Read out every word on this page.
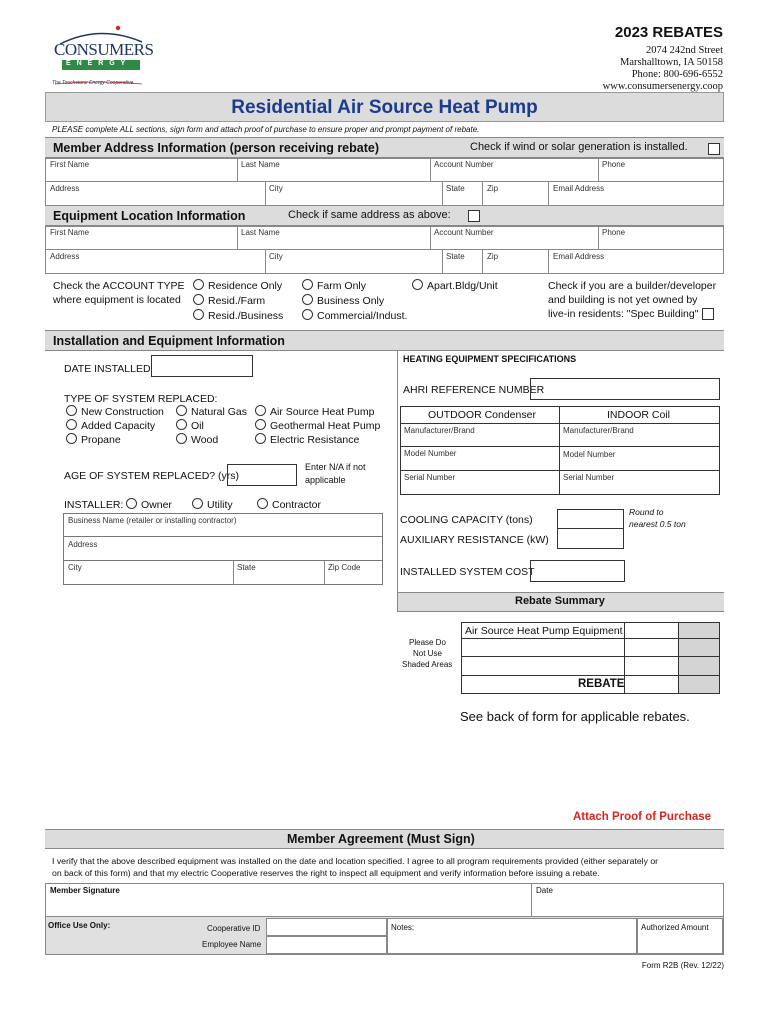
CONSUMERS
E N E R G Y
The Touchstone Energy Cooperative
2023 REBATES
2074 242nd Street
Marshalltown, IA 50158
Phone: 800-696-6552
www.consumersenergy.coop
Residential Air Source Heat Pump
PLEASE complete ALL sections, sign form and attach proof of purchase to ensure proper and prompt payment of rebate.
Member Address Information (person receiving rebate)	Check if wind or solar generation is installed.
First Name	Last Name	Account Number	Phone
Address	City	State	Zip	Email Address
Equipment Location Information	Check if same address as above:
First Name	Last Name	Account Number	Phone
Address	City	State	Zip	Email Address
Check the ACCOUNT TYPE
where equipment is located
Residence Only
Resid./Farm
Resid./Business
Farm Only
Business Only
Commercial/Indust.
Apart.Bldg/Unit	Check if you are a builder/developer
and building is not yet owned by
live-in residents: "Spec Building"
Installation and Equipment Information
DATE INSTALLED
TYPE OF SYSTEM REPLACED:
New Construction
Added Capacity
Propane
Natural Gas
Oil
Wood
Air Source Heat Pump
Geothermal Heat Pump
Electric Resistance
AGE OF SYSTEM REPLACED? (yrs)
Enter N/A if not
applicable
INSTALLER:	Owner	Utility	Contractor
Business Name (retailer or installing contractor)
Address
City	State	Zip Code
HEATING EQUIPMENT SPECIFICATIONS
AHRI REFERENCE NUMBER
OUTDOOR Condenser	INDOOR Coil
Manufacturer/Brand	Manufacturer/Brand
Model Number	Model Number
Serial Number	Serial Number
COOLING CAPACITY (tons)
Round to
nearest 0.5 ton
AUXILIARY RESISTANCE (kW)
INSTALLED SYSTEM COST
Rebate Summary
Please Do
Not Use
Shaded Areas
Air Source Heat Pump Equipment
REBATE
See back of form for applicable rebates.
Attach Proof of Purchase
Member Agreement (Must Sign)
I verify that the above described equipment was installed on the date and location specified. I agree to all program requirements provided (either separately or
on back of this form) and that my electric Cooperative reserves the right to inspect all equipment and verify information before issuing a rebate.
Member Signature	Date
Office Use Only:	Cooperative ID
Employee Name
Notes:	Authorized Amount
Form R2B (Rev. 12/22)
